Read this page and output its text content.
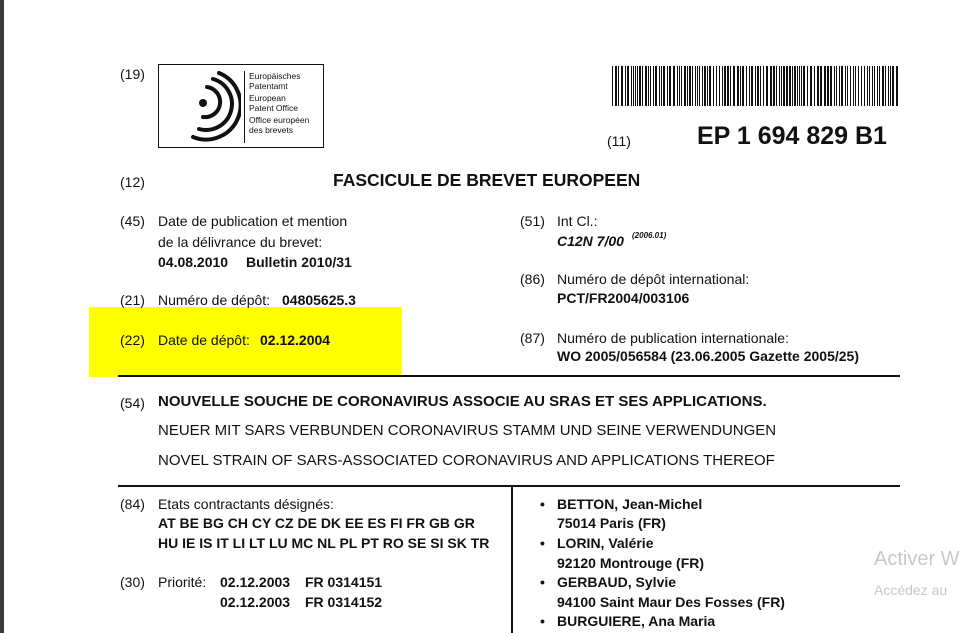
(19)	Europäisches
Patentamt
European
Patent Office
Office européen
des brevets
(11)	EP 1 694 829 B1
(12)	FASCICULE DE BREVET EUROPEEN
(45) Date de publication et mention
de la délivrance du brevet:
04.08.2010 Bulletin 2010/31
(21) Numéro de dépôt: 04805625.3
(22) Date de dépôt: 02.12.2004
(51) Int Cl.:
C12N 7/00 (2006.01)
(86) Numéro de dépôt international:
PCT/FR2004/003106
(87) Numéro de publication internationale:
WO 2005/056584 (23.06.2005 Gazette 2005/25)
(54) NOUVELLE SOUCHE DE CORONAVIRUS ASSOCIE AU SRAS ET SES APPLICATIONS.
NEUER MIT SARS VERBUNDEN CORONAVIRUS STAMM UND SEINE VERWENDUNGEN
NOVEL STRAIN OF SARS-ASSOCIATED CORONAVIRUS AND APPLICATIONS THEREOF
(84) Etats contractants désignés:
AT BE BG CH CY CZ DE DK EE ES FI FR GB GR
HU IE IS IT LI LT LU MC NL PL PT RO SE SI SK TR
(30) Priorité: 02.12.2003 FR 0314151
02.12.2003 FR 0314152
• BETTON, Jean-Michel
75014 Paris (FR)
• LORIN, Valérie
92120 Montrouge (FR)
• GERBAUD, Sylvie
94100 Saint Maur Des Fosses (FR)
• BURGUIERE, Ana Maria
Activer W
Accédez au
